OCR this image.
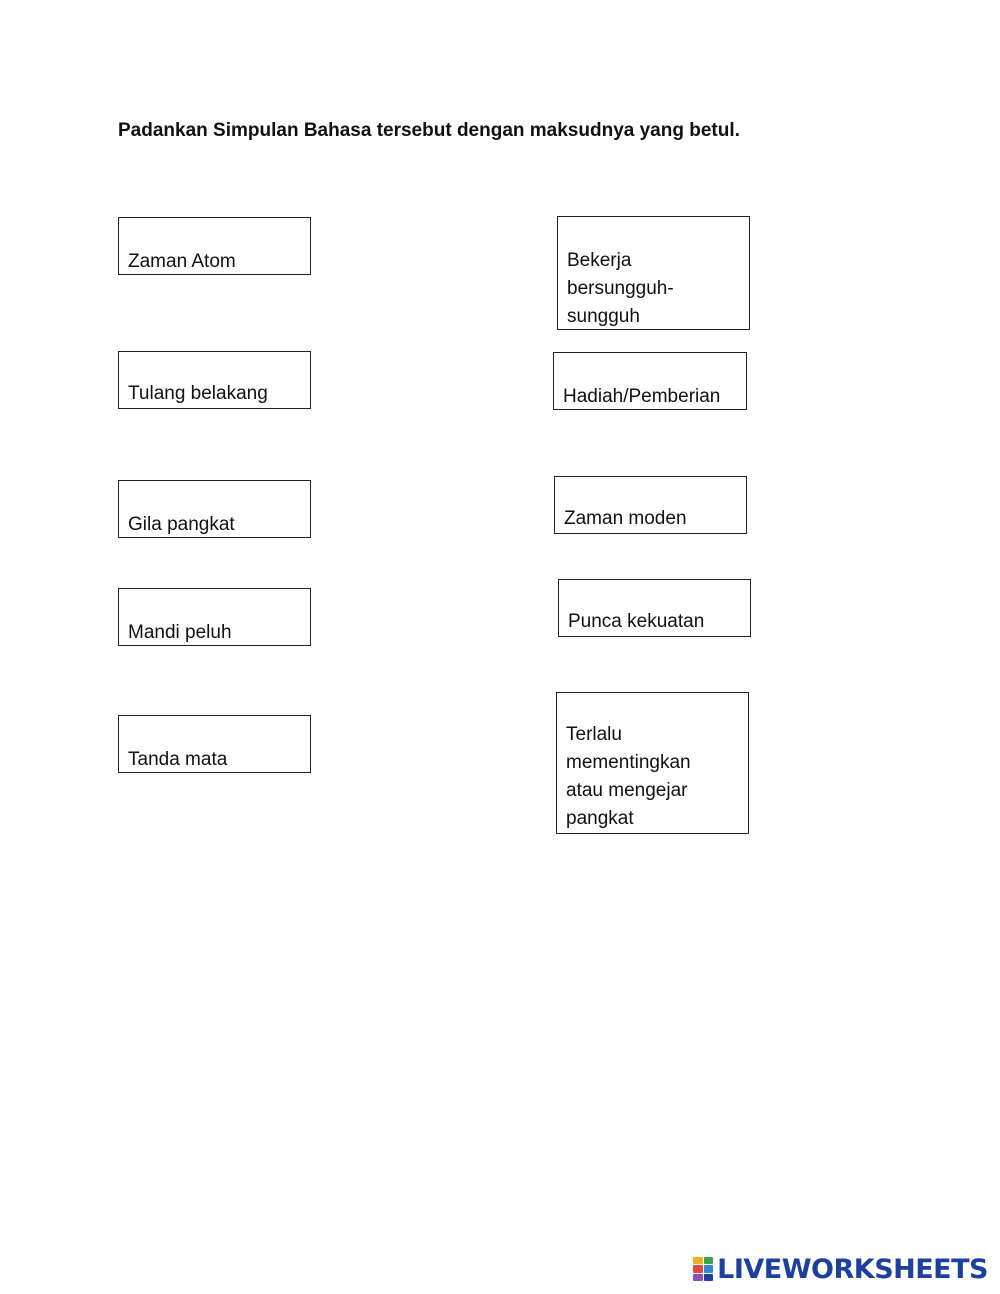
Padankan Simpulan Bahasa tersebut dengan maksudnya yang betul.

Zaman Atom

Tulang belakang

Gila pangkat

Mandi peluh

Tanda mata

Bekerja
bersungguh-
sungguh

Hadiah/Pemberian

Zaman moden
Punca kekuatan
Terlalu
mementingkan
atau mengejar
pangkat
LIVEWORKSHEETS
